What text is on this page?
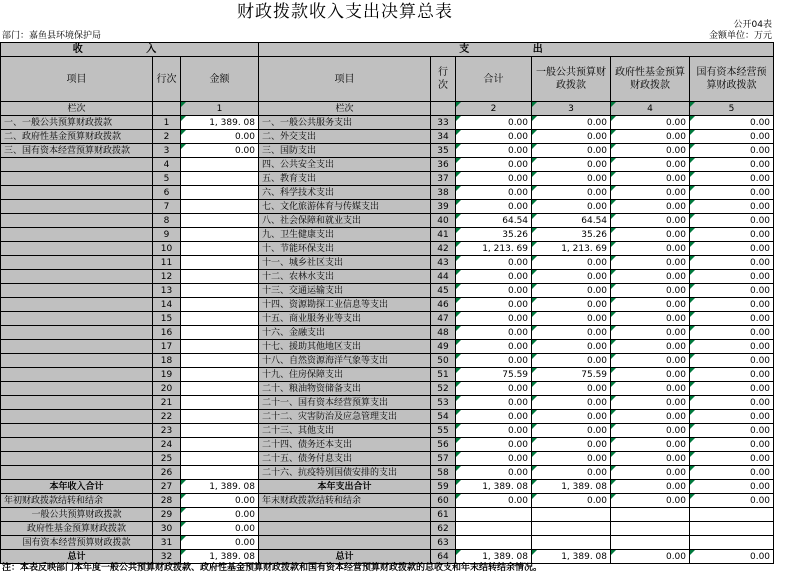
财政拨款收入支出决算总表
公开04表
部门：嘉鱼县环境保护局	金额单位：万元
收 入			支 出					
项目	行次	金额	项目	行次	合计	一般公共预算财政拨款	政府性基金预算财政拨款	国有资本经营预算财政拨款
栏次		1	栏次		2	3	4	5
一、一般公共预算财政拨款	1	1, 389. 08	一、一般公共服务支出	33	0.00	0.00	0.00	0.00
二、政府性基金预算财政拨款	2	0.00	二、外交支出	34	0.00	0.00	0.00	0.00
三、国有资本经营预算财政拨款	3	0.00	三、国防支出	35	0.00	0.00	0.00	0.00
	4		四、公共安全支出	36	0.00	0.00	0.00	0.00
	5		五、教育支出	37	0.00	0.00	0.00	0.00
	6		六、科学技术支出	38	0.00	0.00	0.00	0.00
	7		七、文化旅游体育与传媒支出	39	0.00	0.00	0.00	0.00
	8		八、社会保障和就业支出	40	64.54	64.54	0.00	0.00
	9		九、卫生健康支出	41	35.26	35.26	0.00	0.00
	10		十、节能环保支出	42	1, 213. 69	1, 213. 69	0.00	0.00
	11		十一、城乡社区支出	43	0.00	0.00	0.00	0.00
	12		十二、农林水支出	44	0.00	0.00	0.00	0.00
	13		十三、交通运输支出	45	0.00	0.00	0.00	0.00
	14		十四、资源勘探工业信息等支出	46	0.00	0.00	0.00	0.00
	15		十五、商业服务业等支出	47	0.00	0.00	0.00	0.00
	16		十六、金融支出	48	0.00	0.00	0.00	0.00
	17		十七、援助其他地区支出	49	0.00	0.00	0.00	0.00
	18		十八、自然资源海洋气象等支出	50	0.00	0.00	0.00	0.00
	19		十九、住房保障支出	51	75.59	75.59	0.00	0.00
	20		二十、粮油物资储备支出	52	0.00	0.00	0.00	0.00
	21		二十一、国有资本经营预算支出	53	0.00	0.00	0.00	0.00
	22		二十二、灾害防治及应急管理支出	54	0.00	0.00	0.00	0.00
	23		二十三、其他支出	55	0.00	0.00	0.00	0.00
	24		二十四、债务还本支出	56	0.00	0.00	0.00	0.00
	25		二十五、债务付息支出	57	0.00	0.00	0.00	0.00
	26		二十六、抗疫特别国债安排的支出	58	0.00	0.00	0.00	0.00
本年收入合计	27	1, 389. 08	本年支出合计	59	1, 389. 08	1, 389. 08	0.00	0.00
年初财政拨款结转和结余	28	0.00	年末财政拨款结转和结余	60	0.00	0.00	0.00	0.00
一般公共预算财政拨款	29	0.00		61				
政府性基金预算财政拨款	30	0.00		62				
国有资本经营预算财政拨款	31	0.00		63				
总计	32	1, 389. 08	总计	64	1, 389. 08	1, 389. 08	0.00	0.00
注：本表反映部门本年度一般公共预算财政拨款、政府性基金预算财政拨款和国有资本经营预算财政拨款的总收支和年末结转结余情况。
